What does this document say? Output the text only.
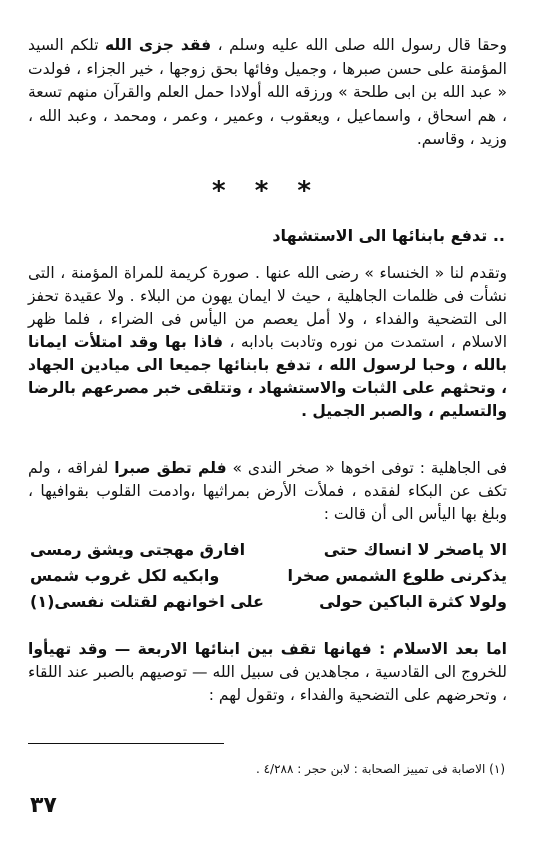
وحقا قال رسول الله صلى الله عليه وسلم ، فقد جزى الله تلكم السيد المؤمنة على حسن صبرها ، وجميل وفائها بحق زوجها ، خير الجزاء ، فولدت « عبد الله بن ابى طلحة » ورزقه الله أولادا حمل العلم والقرآن منهم تسعة ، هم اسحاق ، واسماعيل ، ويعقوب ، وعمير ، وعمر ، ومحمد ، وعبد الله ، وزيد ، وقاسم.
* * *
تدفع بابنائها الى الاستشهاد ..
وتقدم لنا « الخنساء » رضى الله عنها . صورة كريمة للمراة المؤمنة ، التى نشأت فى ظلمات الجاهلية ، حيث لا ايمان يهون من البلاء . ولا عقيدة تحفز الى التضحية والفداء ، ولا أمل يعصم من اليأس فى الضراء ، فلما ظهر الاسلام ، استمدت من نوره وتادبت بادابه ، فاذا بها وقد امتلأت ايمانا بالله ، وحبا لرسول الله ، تدفع بابنائها جميعا الى ميادين الجهاد ، وتحثهم على الثبات والاستشهاد ، وتتلقى خبر مصرعهم بالرضا والتسليم ، والصبر الجميل .
فى الجاهلية : توفى اخوها « صخر الندى » فلم تطق صبرا لفراقه ، ولم تكف عن البكاء لفقده ، فملأت الأرض بمراثيها ،وادمت القلوب بقوافيها ، وبلغ بها اليأس الى أن قالت :
الا ياصخر لا انساك حتى
افارق مهجتى ويشق رمسى
يذكرنى طلوع الشمس صخرا
وابكيه لكل غروب شمس
ولولا كثرة الباكين حولى
على اخوانهم لقتلت نفسى(١)
اما بعد الاسلام : فهانها تقف بين ابنائها الاربعة — وقد تهيأوا للخروج الى القادسية ، مجاهدين فى سبيل الله — توصيهم بالصبر عند اللقاء ، وتحرضهم على التضحية والفداء ، وتقول لهم :
(١) الاصابة فى تمييز الصحابة : لابن حجر : ٤/٢٨٨ .
٣٧
